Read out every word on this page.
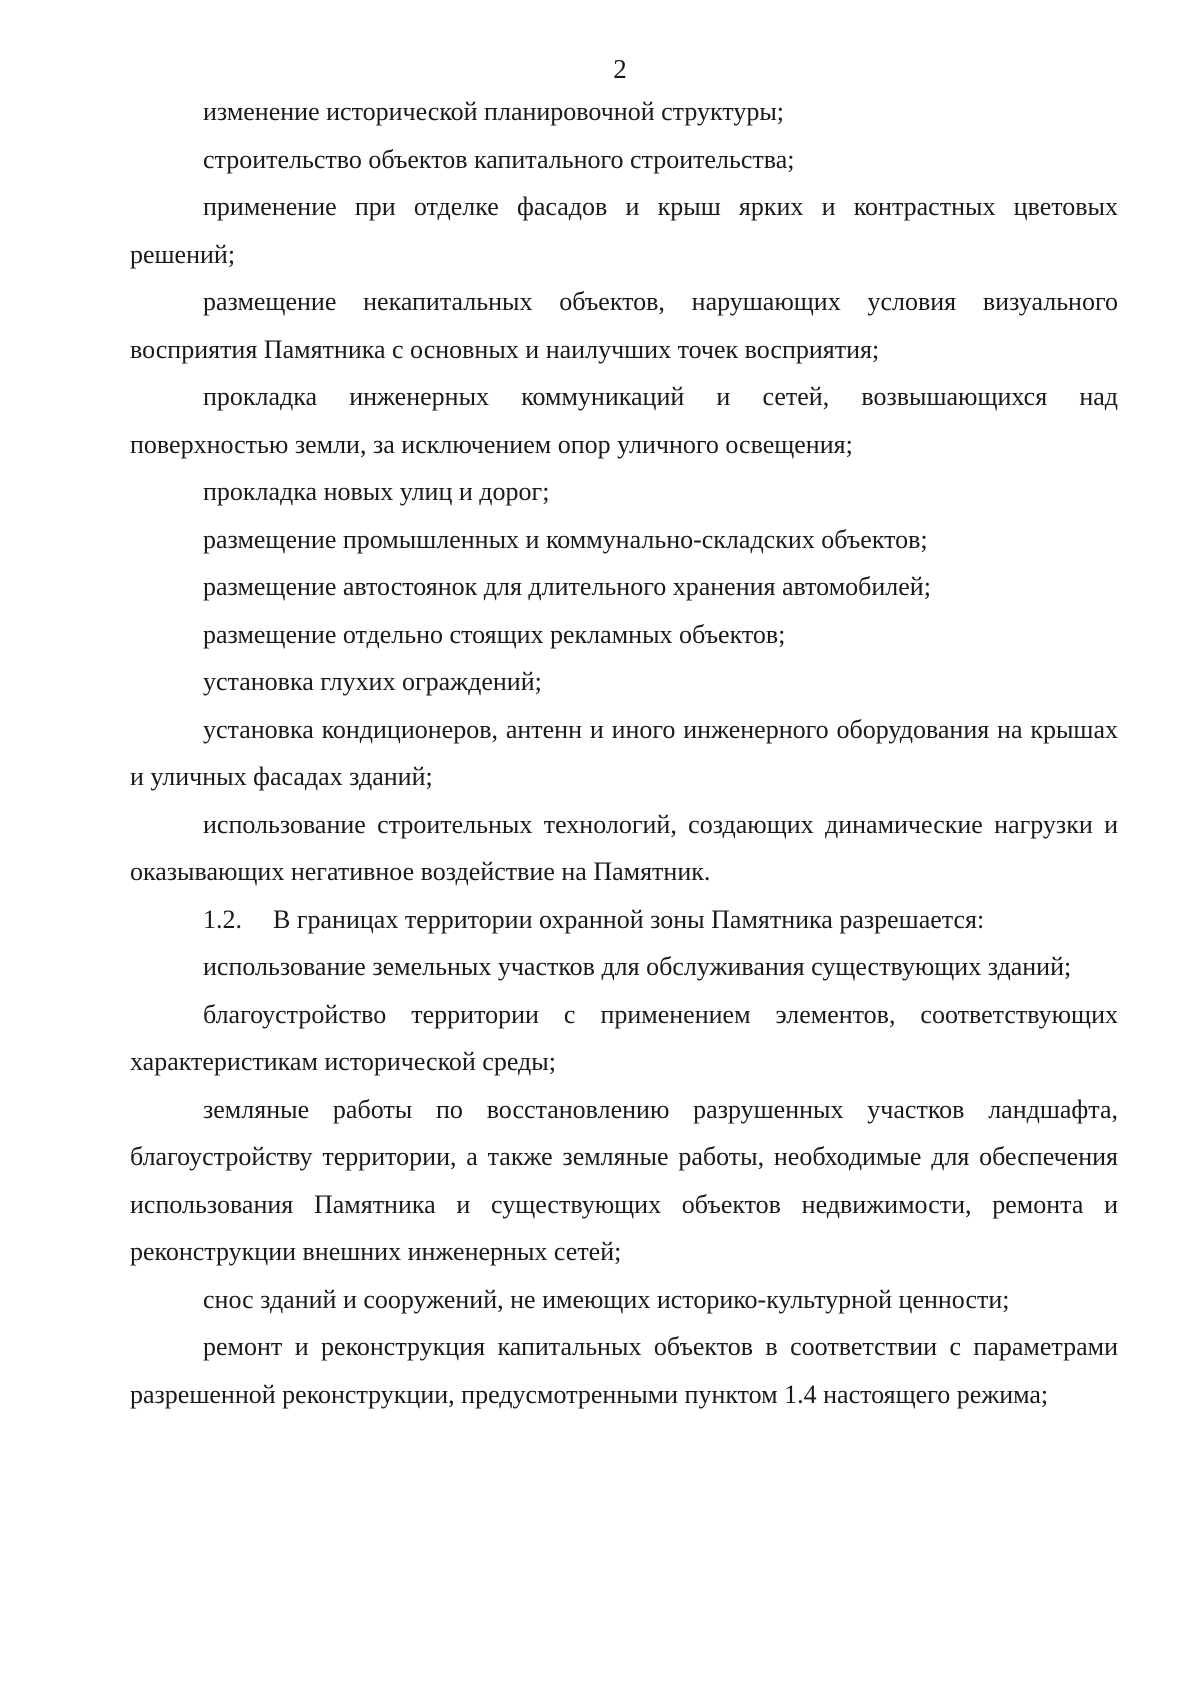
2

изменение исторической планировочной структуры;

строительство объектов капитального строительства;

применение при отделке фасадов и крыш ярких и контрастных цветовых решений;

размещение некапитальных объектов, нарушающих условия визуального восприятия Памятника с основных и наилучших точек восприятия;

прокладка инженерных коммуникаций и сетей, возвышающихся над поверхностью земли, за исключением опор уличного освещения;

прокладка новых улиц и дорог;

размещение промышленных и коммунально-складских объектов;

размещение автостоянок для длительного хранения автомобилей;

размещение отдельно стоящих рекламных объектов;

установка глухих ограждений;

установка кондиционеров, антенн и иного инженерного оборудования на крышах и уличных фасадах зданий;

использование строительных технологий, создающих динамические нагрузки и оказывающих негативное воздействие на Памятник.

1.2. В границах территории охранной зоны Памятника разрешается:

использование земельных участков для обслуживания существующих зданий;

благоустройство территории с применением элементов, соответствующих характеристикам исторической среды;

земляные работы по восстановлению разрушенных участков ландшафта, благоустройству территории, а также земляные работы, необходимые для обеспечения использования Памятника и существующих объектов недвижимости, ремонта и реконструкции внешних инженерных сетей;

снос зданий и сооружений, не имеющих историко-культурной ценности;

ремонт и реконструкция капитальных объектов в соответствии с параметрами разрешенной реконструкции, предусмотренными пунктом 1.4 настоящего режима;
